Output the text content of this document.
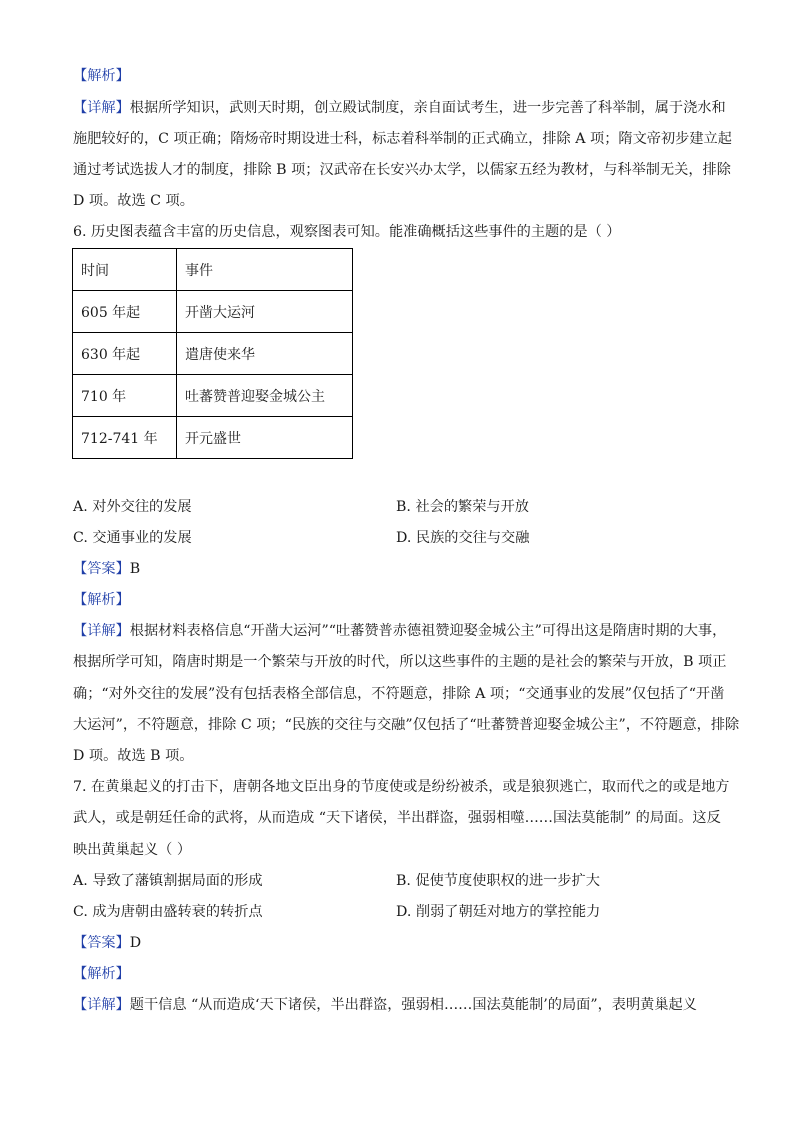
【解析】
【详解】根据所学知识，武则天时期，创立殿试制度，亲自面试考生，进一步完善了科举制，属于浇水和
施肥较好的，C 项正确；隋炀帝时期设进士科，标志着科举制的正式确立，排除 A 项；隋文帝初步建立起
通过考试选拔人才的制度，排除 B 项；汉武帝在长安兴办太学，以儒家五经为教材，与科举制无关，排除
D 项。故选 C 项。
6. 历史图表蕴含丰富的历史信息，观察图表可知。能准确概括这些事件的主题的是（ ）
时间	事件
605 年起	开凿大运河
630 年起	遣唐使来华
710 年	吐蕃赞普迎娶金城公主
712-741 年	开元盛世
A. 对外交往的发展	B. 社会的繁荣与开放
C. 交通事业的发展	D. 民族的交往与交融
【答案】B
【解析】
【详解】根据材料表格信息“开凿大运河”“吐蕃赞普赤德祖赞迎娶金城公主”可得出这是隋唐时期的大事，
根据所学可知，隋唐时期是一个繁荣与开放的时代，所以这些事件的主题的是社会的繁荣与开放，B 项正
确；“对外交往的发展”没有包括表格全部信息，不符题意，排除 A 项；“交通事业的发展”仅包括了“开凿
大运河”，不符题意，排除 C 项；“民族的交往与交融”仅包括了“吐蕃赞普迎娶金城公主”，不符题意，排除
D 项。故选 B 项。
7. 在黄巢起义的打击下，唐朝各地文臣出身的节度使或是纷纷被杀，或是狼狈逃亡，取而代之的或是地方
武人，或是朝廷任命的武将，从而造成 “天下诸侯，半出群盗，强弱相噬……国法莫能制” 的局面。这反
映出黄巢起义（ ）
A. 导致了藩镇割据局面的形成	B. 促使节度使职权的进一步扩大
C. 成为唐朝由盛转衰的转折点	D. 削弱了朝廷对地方的掌控能力
【答案】D
【解析】
【详解】题干信息 “从而造成‘天下诸侯，半出群盗，强弱相……国法莫能制’的局面”，表明黄巢起义
